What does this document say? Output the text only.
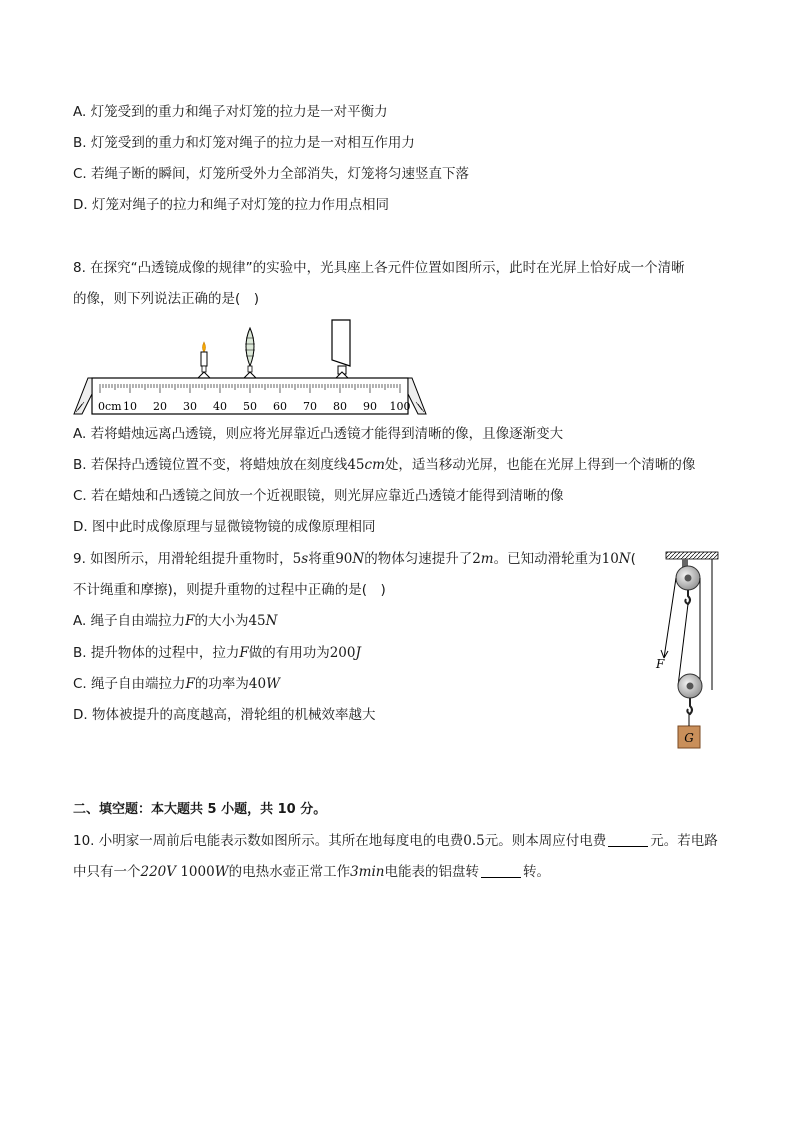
A. 灯笼受到的重力和绳子对灯笼的拉力是一对平衡力
B. 灯笼受到的重力和灯笼对绳子的拉力是一对相互作用力
C. 若绳子断的瞬间，灯笼所受外力全部消失，灯笼将匀速竖直下落
D. 灯笼对绳子的拉力和绳子对灯笼的拉力作用点相同
8. 在探究“凸透镜成像的规律”的实验中，光具座上各元件位置如图所示，此时在光屏上恰好成一个清晰
的像，则下列说法正确的是(　)
0cm 10 20 30 40 50 60 70 80 90 100
A. 若将蜡烛远离凸透镜，则应将光屏靠近凸透镜才能得到清晰的像，且像逐渐变大
B. 若保持凸透镜位置不变，将蜡烛放在刻度线45cm处，适当移动光屏，也能在光屏上得到一个清晰的像
C. 若在蜡烛和凸透镜之间放一个近视眼镜，则光屏应靠近凸透镜才能得到清晰的像
D. 图中此时成像原理与显微镜物镜的成像原理相同
9. 如图所示，用滑轮组提升重物时，5s将重90N的物体匀速提升了2m。已知动滑轮重为10N(
不计绳重和摩擦)，则提升重物的过程中正确的是(　)
A. 绳子自由端拉力F的大小为45N
B. 提升物体的过程中，拉力F做的有用功为200J
C. 绳子自由端拉力F的功率为40W
D. 物体被提升的高度越高，滑轮组的机械效率越大
G
F
二、填空题：本大题共 5 小题，共 10 分。
10. 小明家一周前后电能表示数如图所示。其所在地每度电的电费0.5元。则本周应付电费	元。若电路
中只有一个220V 1000W的电热水壶正常工作3min电能表的铝盘转	转。
